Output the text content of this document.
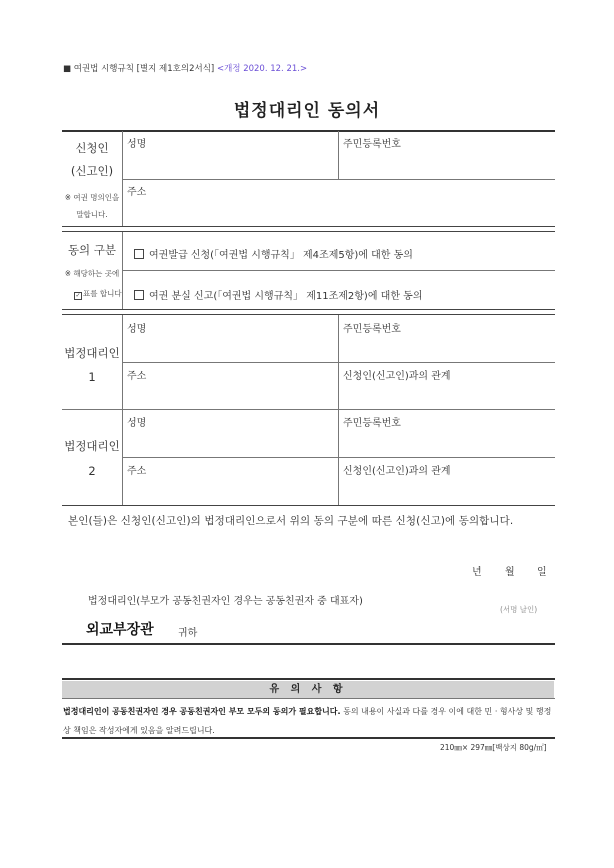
■ 여권법 시행규칙 [별지 제1호의2서식] <개정 2020. 12. 21.>
법정대리인 동의서
신청인
(신고인)
※ 여권 명의인을
말합니다.
성명	주민등록번호
주소
동의 구분
※ 해당하는 곳에
✓ 표를 합니다
여권발급 신청(「여권법 시행규칙」 제4조제5항)에 대한 동의
여권 분실 신고(「여권법 시행규칙」 제11조제2항)에 대한 동의
법정대리인
1
성명	주민등록번호
주소	신청인(신고인)과의 관계
법정대리인
2
성명	주민등록번호
주소	신청인(신고인)과의 관계
본인(들)은 신청인(신고인)의 법정대리인으로서 위의 동의 구분에 따른 신청(신고)에 동의합니다.
년 월 일
법정대리인(부모가 공동친권자인 경우는 공동친권자 중 대표자)
(서명 날인)
외교부장관 귀하
유 의 사 항
법정대리인이 공동친권자인 경우 공동친권자인 부모 모두의 동의가 필요합니다. 동의 내용이 사실과 다를 경우 이에 대한 민 · 형사상 및 행정상 책임은 작성자에게 있음을 알려드립니다.
210㎜× 297㎜[백상지 80g/㎡]
